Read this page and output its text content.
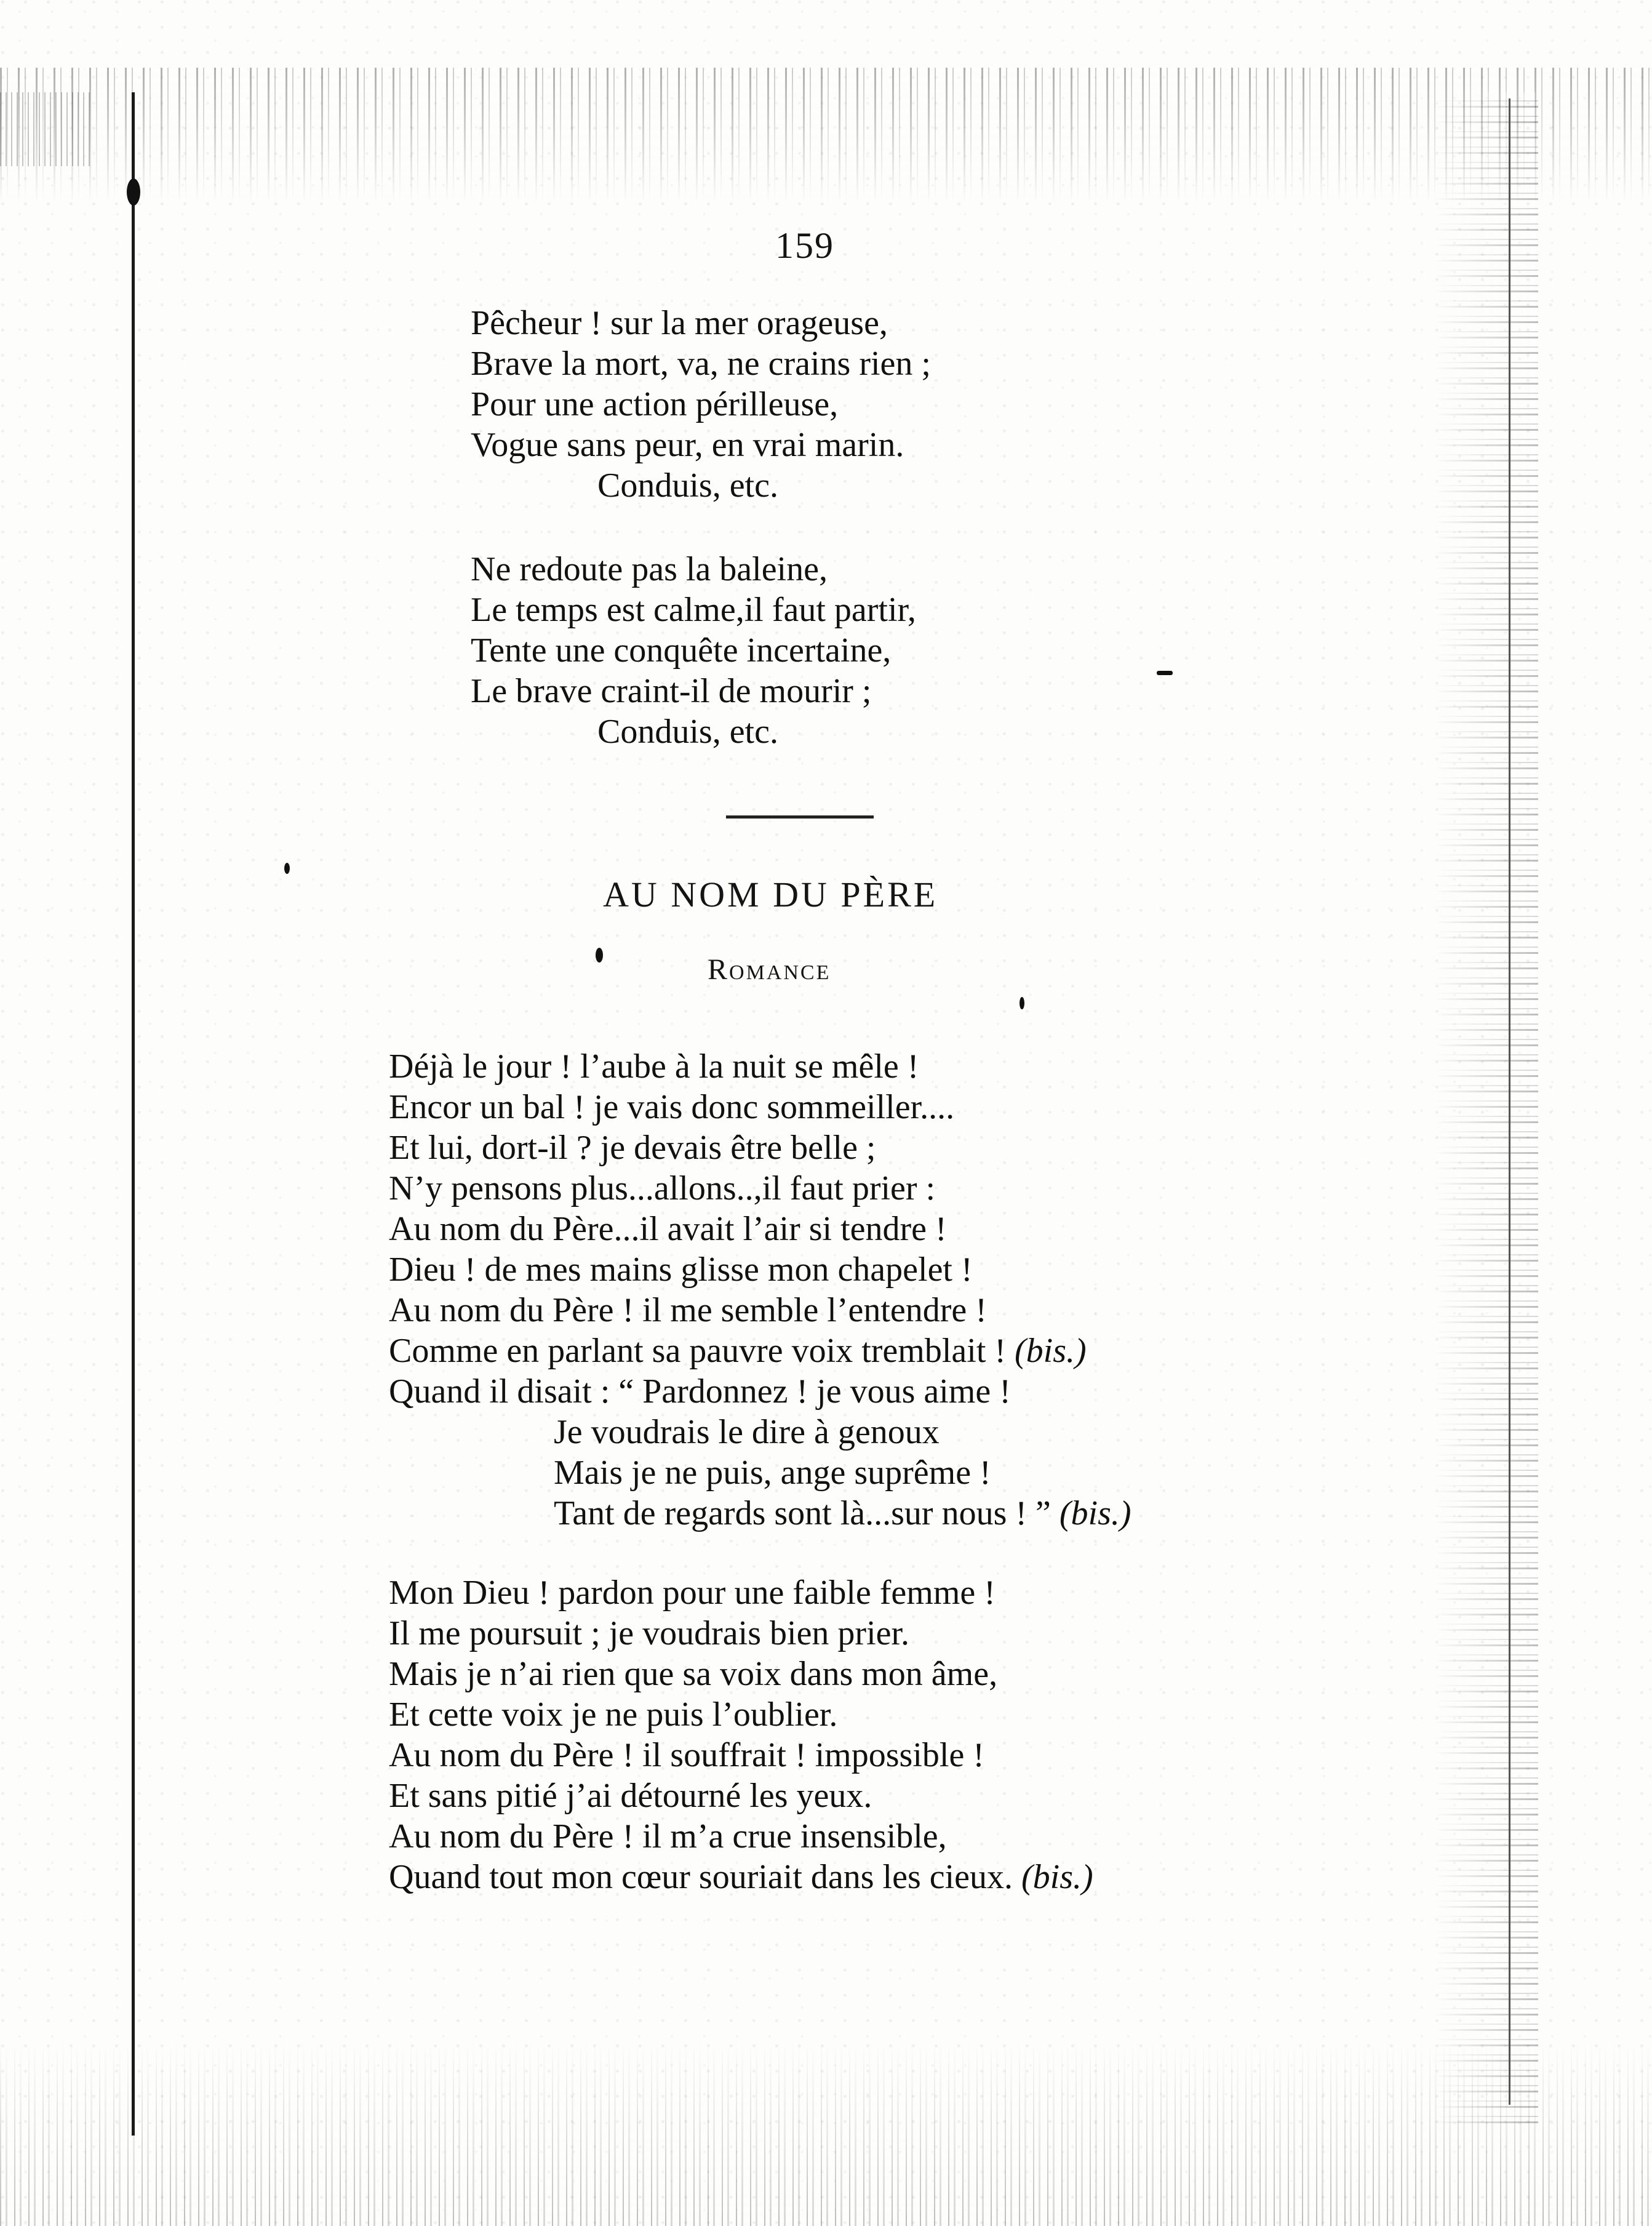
159
Pêcheur ! sur la mer orageuse,
Brave la mort, va, ne crains rien ;
Pour une action périlleuse,
Vogue sans peur, en vrai marin.
Conduis, etc.
Ne redoute pas la baleine,
Le temps est calme,il faut partir,
Tente une conquête incertaine,
Le brave craint-il de mourir ;
Conduis, etc.
AU NOM DU PÈRE
Romance
Déjà le jour ! l’aube à la nuit se mêle !
Encor un bal ! je vais donc sommeiller....
Et lui, dort-il ? je devais être belle ;
N’y pensons plus...allons..,il faut prier :
Au nom du Père...il avait l’air si tendre !
Dieu ! de mes mains glisse mon chapelet !
Au nom du Père ! il me semble l’entendre !
Comme en parlant sa pauvre voix tremblait ! (bis.)
Quand il disait : “ Pardonnez ! je vous aime !
Je voudrais le dire à genoux
Mais je ne puis, ange suprême !
Tant de regards sont là...sur nous ! ” (bis.)
Mon Dieu ! pardon pour une faible femme !
Il me poursuit ; je voudrais bien prier.
Mais je n’ai rien que sa voix dans mon âme,
Et cette voix je ne puis l’oublier.
Au nom du Père ! il souffrait ! impossible !
Et sans pitié j’ai détourné les yeux.
Au nom du Père ! il m’a crue insensible,
Quand tout mon cœur souriait dans les cieux. (bis.)
